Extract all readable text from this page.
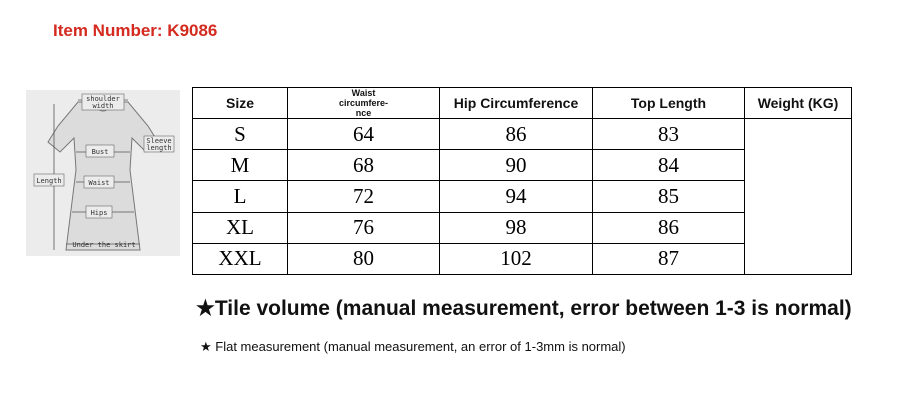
Item Number: K9086
shoulder
width
Sleeve
length
Bust
Length	Waist
Hips
Under the skirt
Size	Waist
circumfere-
nce	Hip Circumference	Top Length	Weight (KG)
S	64	86	83	
M	68	90	84	
L	72	94	85	
XL	76	98	86	
XXL	80	102	87	
★Tile volume (manual measurement, error between 1-3 is normal)
★ Flat measurement (manual measurement, an error of 1-3mm is normal)
